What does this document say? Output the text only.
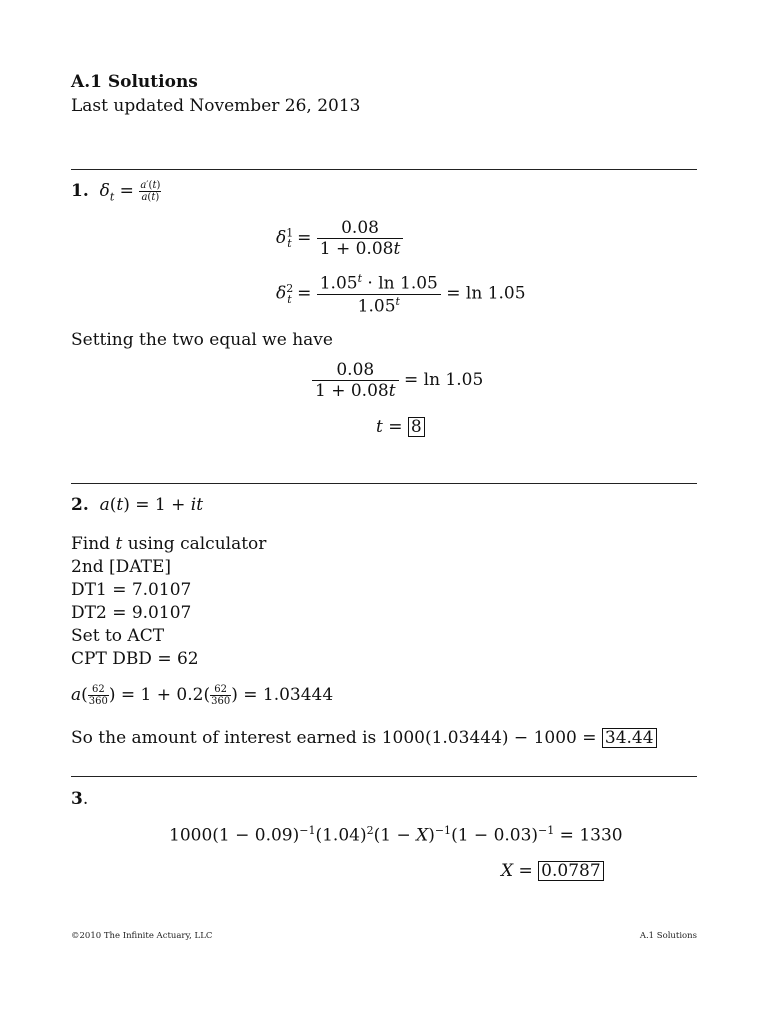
A.1 Solutions
Last updated November 26, 2013
1. $\delta_t = \frac{a'(t)}{a(t)}$
$\delta^1_t = \frac{0.08}{1 + 0.08t}$
$\delta^2_t = \frac{1.05^t \cdot \ln 1.05}{1.05^t} = \ln 1.05$
Setting the two equal we have
$\frac{0.08}{1 + 0.08t} = \ln 1.05$
t = 8
2. a(t) = 1 + it
Find t using calculator
2nd [DATE]
DT1 = 7.0107
DT2 = 9.0107
Set to ACT
CPT DBD = 62
$a( \frac{62}{360}$ ) = $1 + 0.2( \frac{62}{360}$ ) = 1.03444
So the amount of interest earned is 1000(1.03444) − 1000 = 34.44
3.
$1000(1 - 0.09)^{-1}(1.04)^2(1 - X)^{-1}(1 - 0.03)^{-1} = 1330$
X = 0.0787
©2010 The Infinite Actuary, LLC	A.1 Solutions
